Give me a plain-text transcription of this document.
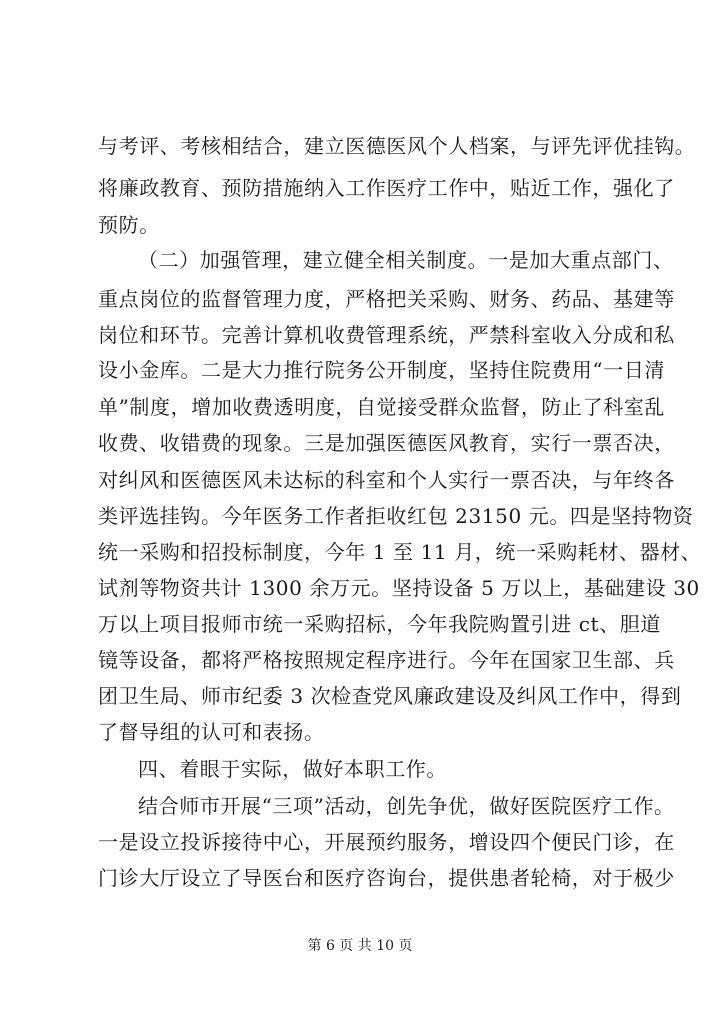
与考评、考核相结合，建立医德医风个人档案，与评先评优挂钩。
将廉政教育、预防措施纳入工作医疗工作中，贴近工作，强化了
预防。
（二）加强管理，建立健全相关制度。一是加大重点部门、
重点岗位的监督管理力度，严格把关采购、财务、药品、基建等
岗位和环节。完善计算机收费管理系统，严禁科室收入分成和私
设小金库。二是大力推行院务公开制度，坚持住院费用“一日清
单”制度，增加收费透明度，自觉接受群众监督，防止了科室乱
收费、收错费的现象。三是加强医德医风教育，实行一票否决，
对纠风和医德医风未达标的科室和个人实行一票否决，与年终各
类评选挂钩。今年医务工作者拒收红包 23150 元。四是坚持物资
统一采购和招投标制度，今年 1 至 11 月，统一采购耗材、器材、
试剂等物资共计 1300 余万元。坚持设备 5 万以上，基础建设 30
万以上项目报师市统一采购招标，今年我院购置引进 ct、胆道
镜等设备，都将严格按照规定程序进行。今年在国家卫生部、兵
团卫生局、师市纪委 3 次检查党风廉政建设及纠风工作中，得到
了督导组的认可和表扬。
四、着眼于实际，做好本职工作。
结合师市开展“三项”活动，创先争优，做好医院医疗工作。
一是设立投诉接待中心，开展预约服务，增设四个便民门诊，在
门诊大厅设立了导医台和医疗咨询台，提供患者轮椅，对于极少
第 6 页 共 10 页
